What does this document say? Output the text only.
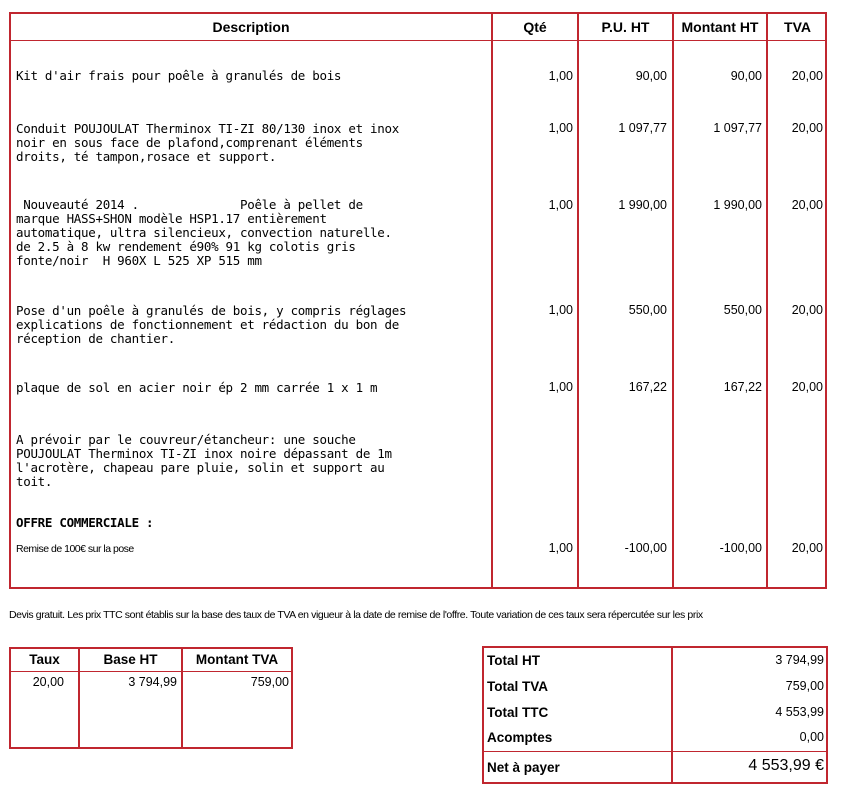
Description	Qté	P.U. HT	Montant HT	TVA
Kit d'air frais pour poêle à granulés de bois	1,00	90,00	90,00	20,00
Conduit POUJOULAT Therminox TI-ZI 80/130 inox et inox
noir en sous face de plafond,comprenant éléments
droits, té tampon,rosace et support.
1,00	1 097,77	1 097,77	20,00
Nouveauté 2014 .              Poêle à pellet de
marque HASS+SHON modèle HSP1.17 entièrement
automatique, ultra silencieux, convection naturelle.
de 2.5 à 8 kw rendement é90% 91 kg colotis gris
fonte/noir  H 960X L 525 XP 515 mm
1,00	1 990,00	1 990,00	20,00
Pose d'un poêle à granulés de bois, y compris réglages
explications de fonctionnement et rédaction du bon de
réception de chantier.
1,00	550,00	550,00	20,00
plaque de sol en acier noir ép 2 mm carrée 1 x 1 m	1,00	167,22	167,22	20,00
A prévoir par le couvreur/étancheur: une souche
POUJOULAT Therminox TI-ZI inox noire dépassant de 1m
l'acrotère, chapeau pare pluie, solin et support au
toit.
OFFRE COMMERCIALE :
Remise de 100€ sur la pose	1,00	-100,00	-100,00	20,00
Devis gratuit. Les prix TTC sont établis sur la base des taux de TVA en vigueur à la date de remise de l'offre. Toute variation de ces taux sera répercutée sur les prix
Taux	Base HT	Montant TVA
20,00	3 794,99	759,00
Total HT	3 794,99
Total TVA	759,00
Total TTC	4 553,99
Acomptes	0,00
Net à payer	4 553,99 €
